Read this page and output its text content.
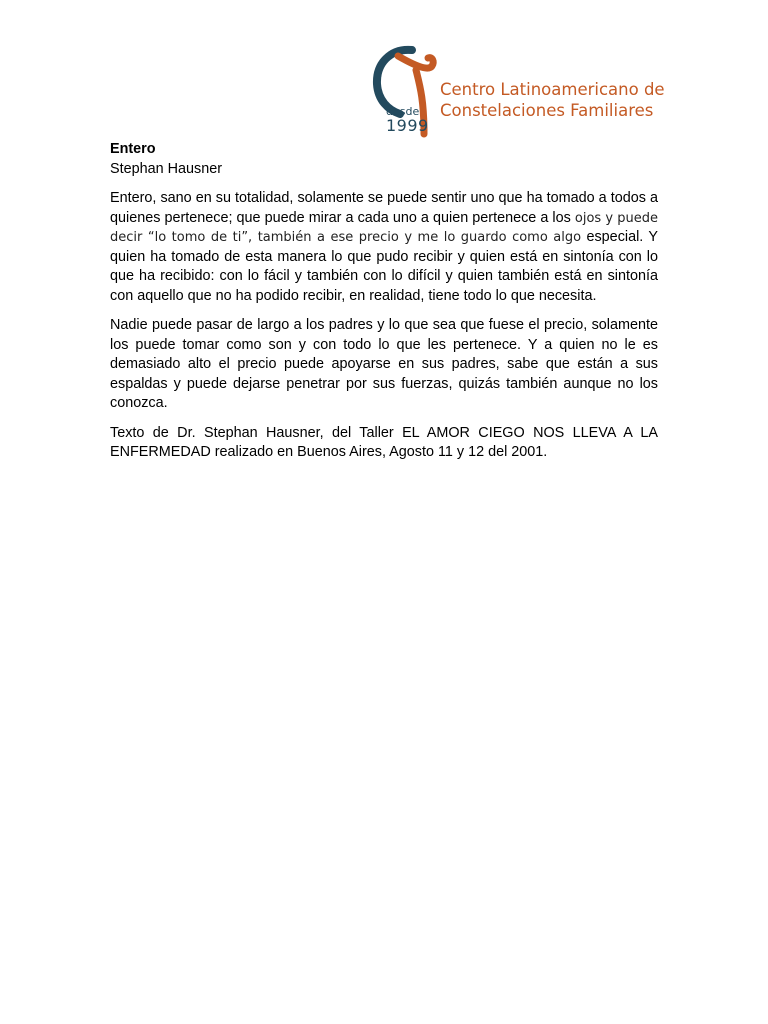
desde
1999
Centro Latinoamericano de
Constelaciones Familiares

Entero

Stephan Hausner

Entero, sano en su totalidad, solamente se puede sentir uno que ha tomado a todos a quienes pertenece; que puede mirar a cada uno a quien pertenece a los ojos y puede decir “lo tomo de ti”, también a ese precio y me lo guardo como algo especial. Y quien ha tomado de esta manera lo que pudo recibir y quien está en sintonía con lo que ha recibido: con lo fácil y también con lo difícil y quien también está en sintonía con aquello que no ha podido recibir, en realidad, tiene todo lo que necesita.

Nadie puede pasar de largo a los padres y lo que sea que fuese el precio, solamente los puede tomar como son y con todo lo que les pertenece. Y a quien no le es demasiado alto el precio puede apoyarse en sus padres, sabe que están a sus espaldas y puede dejarse penetrar por sus fuerzas, quizás también aunque no los conozca.

Texto de Dr. Stephan Hausner, del Taller EL AMOR CIEGO NOS LLEVA A LA ENFERMEDAD realizado en Buenos Aires, Agosto 11 y 12 del 2001.
